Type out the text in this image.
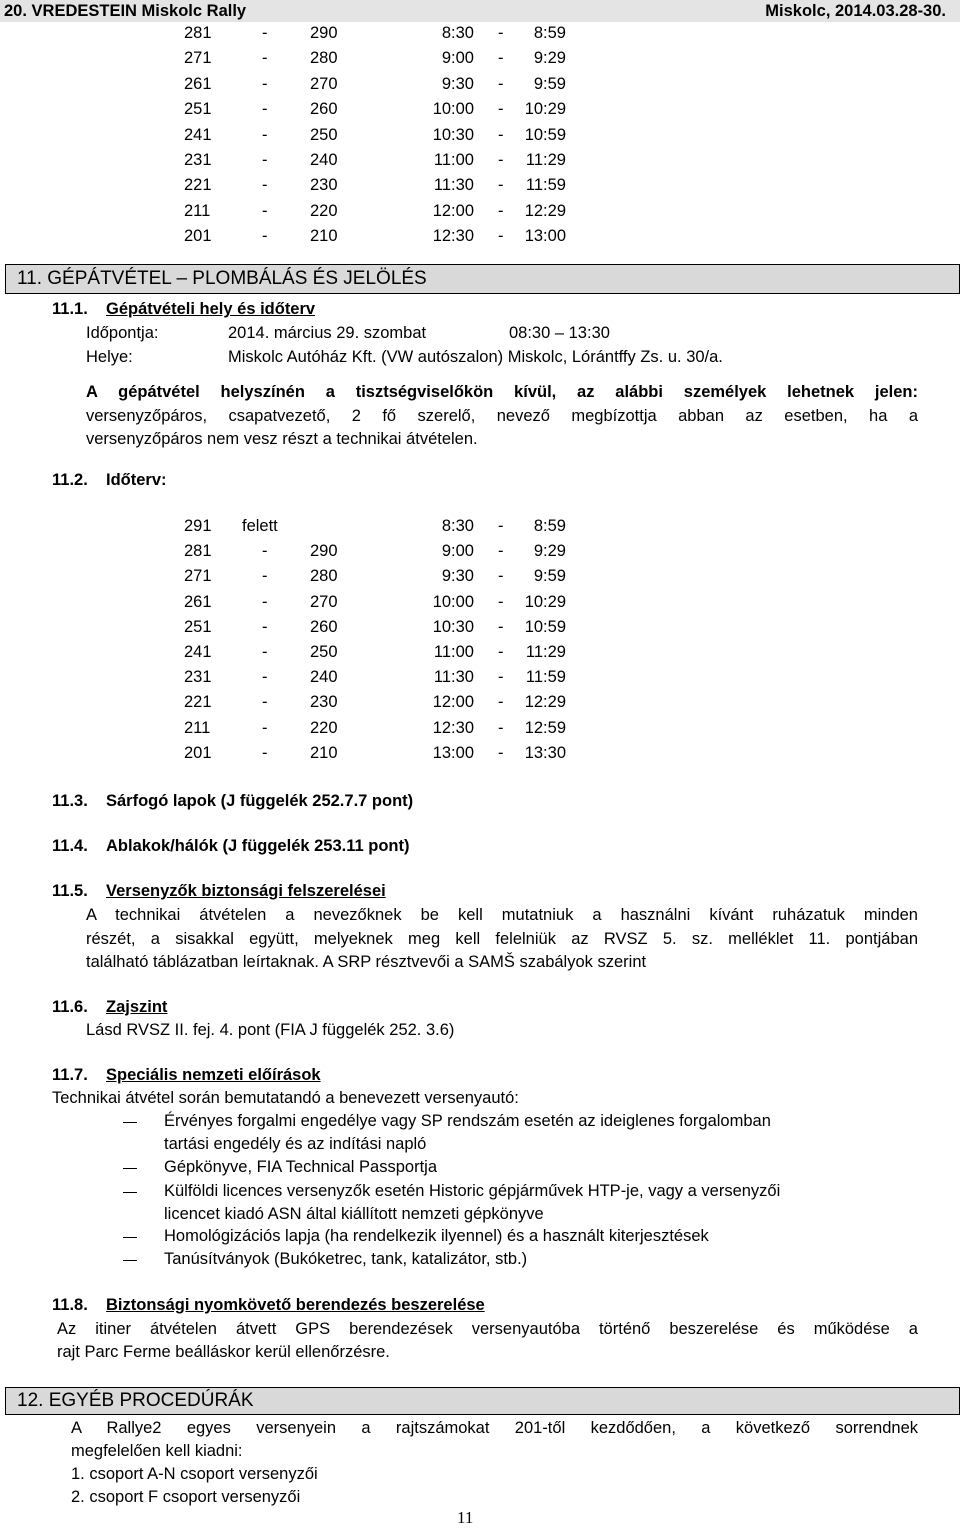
20. VREDESTEIN Miskolc Rally	Miskolc, 2014.03.28-30.
281	-	290	8:30 - 8:59
271	-	280	9:00 - 9:29
261	-	270	9:30 - 9:59
251	-	260	10:00 - 10:29
241	-	250	10:30 - 10:59
231	-	240	11:00 - 11:29
221	-	230	11:30 - 11:59
211	-	220	12:00 - 12:29
201	-	210	12:30 - 13:00
11. GÉPÁTVÉTEL – PLOMBÁLÁS ÉS JELÖLÉS
11.1. Gépátvételi hely és időterv
Időpontja:	2014. március 29. szombat	08:30 – 13:30
Helye:	Miskolc Autóház Kft. (VW autószalon) Miskolc, Lórántffy Zs. u. 30/a.
A gépátvétel helyszínén a tisztségviselőkön kívül, az alábbi személyek lehetnek jelen:
versenyzőpáros, csapatvezető, 2 fő szerelő, nevező megbízottja abban az esetben, ha a
versenyzőpáros nem vesz részt a technikai átvételen.
11.2. Időterv:
291 felett	8:30 - 8:59
281	-	290	9:00 - 9:29
271	-	280	9:30 - 9:59
261	-	270	10:00 - 10:29
251	-	260	10:30 - 10:59
241	-	250	11:00 - 11:29
231	-	240	11:30 - 11:59
221	-	230	12:00 - 12:29
211	-	220	12:30 - 12:59
201	-	210	13:00 - 13:30
11.3. Sárfogó lapok (J függelék 252.7.7 pont)
11.4. Ablakok/hálók (J függelék 253.11 pont)
11.5. Versenyzők biztonsági felszerelései
A technikai átvételen a nevezőknek be kell mutatniuk a használni kívánt ruházatuk minden
részét, a sisakkal együtt, melyeknek meg kell felelniük az RVSZ 5. sz. melléklet 11. pontjában
található táblázatban leírtaknak. A SRP résztvevői a SAMŠ szabályok szerint
11.6. Zajszint
Lásd RVSZ II. fej. 4. pont (FIA J függelék 252. 3.6)
11.7. Speciális nemzeti előírások
Technikai átvétel során bemutatandó a benevezett versenyautó:
Érvényes forgalmi engedélye vagy SP rendszám esetén az ideiglenes forgalomban
tartási engedély és az indítási napló
Gépkönyve, FIA Technical Passportja
Külföldi licences versenyzők esetén Historic gépjárművek HTP-je, vagy a versenyzői
licencet kiadó ASN által kiállított nemzeti gépkönyve
Homológizációs lapja (ha rendelkezik ilyennel) és a használt kiterjesztések
Tanúsítványok (Bukóketrec, tank, katalizátor, stb.)
11.8. Biztonsági nyomkövető berendezés beszerelése
Az itiner átvételen átvett GPS berendezések versenyautóba történő beszerelése és működése a
rajt Parc Ferme beálláskor kerül ellenőrzésre.
12. EGYÉB PROCEDÚRÁK
A Rallye2 egyes versenyein a rajtszámokat 201-től kezdődően, a következő sorrendnek
megfelelően kell kiadni:
1. csoport A-N csoport versenyzői
2. csoport F csoport versenyzői
11
